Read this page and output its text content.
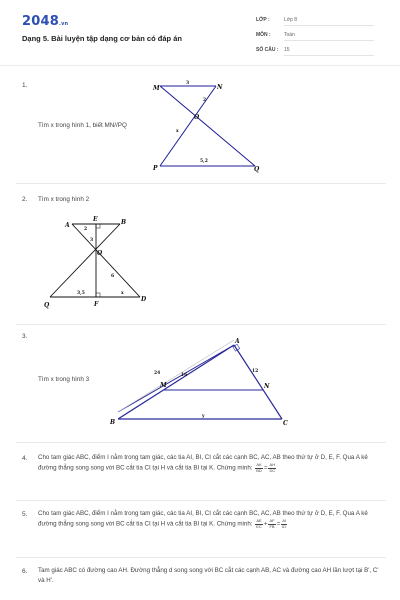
2048.vn
Dạng 5. Bài luyện tập dạng cơ bản có đáp án
LỚP :	Lớp 8
MÔN :	Toán
SỐ CÂU : 15
1.
Tìm x trong hình 1, biết MN//PQ
M	N
O
P	Q
3
2
x
5,2
2. Tìm x trong hình 2
A	B
E
O
Q
D
F
2
3
6
3,5	x
3.
Tìm x trong hình 3
A
B	C
M	N
24	16
12
y
4. Cho tam giác ABC, điểm I nằm trong tam giác, các tia AI, BI, CI cắt các cạnh BC, AC, AB theo thứ tự ở D, E, F. Qua A kẻ đường thẳng song song với BC cắt tia CI tại H và cắt tia BI tại K. Chứng minh: $\frac{AK}{BD} = \frac{AH}{DC}$
5. Cho tam giác ABC, điểm I nằm trong tam giác, các tia AI, BI, CI cắt các cạnh BC, AC, AB theo thứ tự ở D, E, F. Qua A kẻ đường thẳng song song với BC cắt tia CI tại H và cắt tia BI tại K. Chứng minh: $\frac{AE}{EC} + \frac{AF}{FB} = \frac{AI}{ID}$
6. Tam giác ABC có đường cao AH. Đường thẳng d song song với BC cắt các cạnh AB, AC và đường cao AH lần lượt tại B', C' và H'.
